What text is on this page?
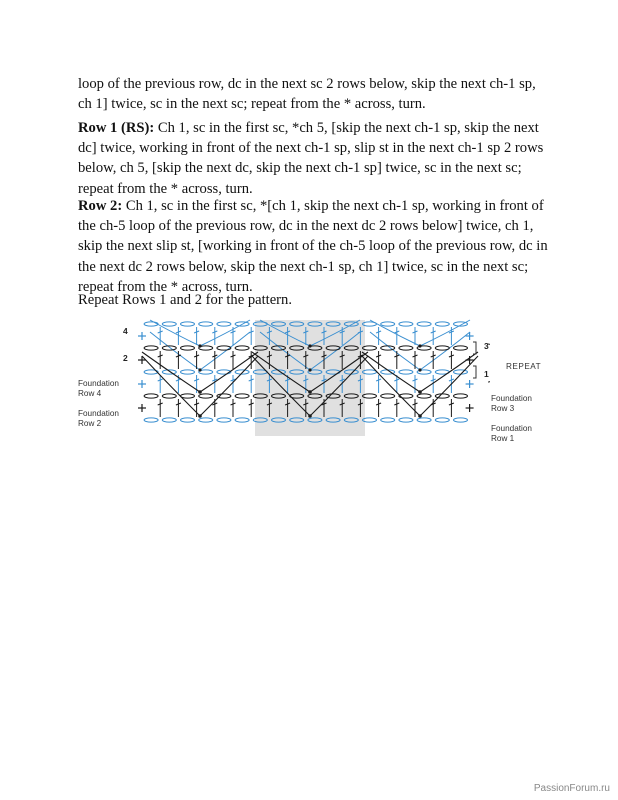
loop of the previous row, dc in the next sc 2 rows below, skip the next ch-1 sp, ch 1] twice, sc in the next sc; repeat from the * across, turn.

Row 1 (RS): Ch 1, sc in the first sc, *ch 5, [skip the next ch-1 sp, skip the next dc] twice, working in front of the next ch-1 sp, slip st in the next ch-1 sp 2 rows below, ch 5, [skip the next dc, skip the next ch-1 sp] twice, sc in the next sc; repeat from the * across, turn.

Row 2: Ch 1, sc in the first sc, *[ch 1, skip the next ch-1 sp, working in front of the ch-5 loop of the previous row, dc in the next dc 2 rows below] twice, ch 1, skip the next slip st, [working in front of the ch-5 loop of the previous row, dc in the next dc 2 rows below, skip the next ch-1 sp, ch 1] twice, sc in the next sc; repeat from the * across, turn.

Repeat Rows 1 and 2 for the pattern.

4
2
3
1
REPEAT
Foundation
Row 4
Foundation
Row 2
Foundation
Row 3
Foundation
Row 1
PassionForum.ru
